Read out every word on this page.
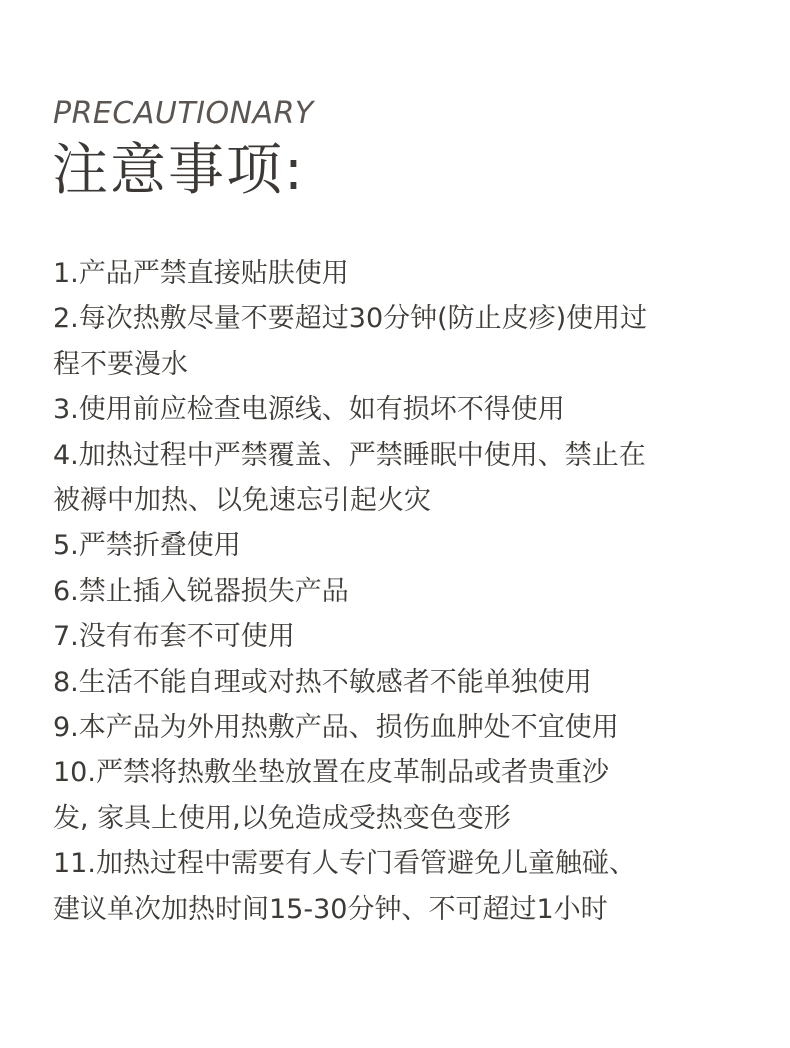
PRECAUTIONARY
注意事项:
1.产品严禁直接贴肤使用
2.每次热敷尽量不要超过30分钟(防止皮疹)使用过
程不要漫水
3.使用前应检查电源线、如有损坏不得使用
4.加热过程中严禁覆盖、严禁睡眠中使用、禁止在
被褥中加热、以免速忘引起火灾
5.严禁折叠使用
6.禁止插入锐器损失产品
7.没有布套不可使用
8.生活不能自理或对热不敏感者不能单独使用
9.本产品为外用热敷产品、损伤血肿处不宜使用
10.严禁将热敷坐垫放置在皮革制品或者贵重沙
发, 家具上使用,以免造成受热变色变形
11.加热过程中需要有人专门看管避免儿童触碰、
建议单次加热时间15-30分钟、不可超过1小时
